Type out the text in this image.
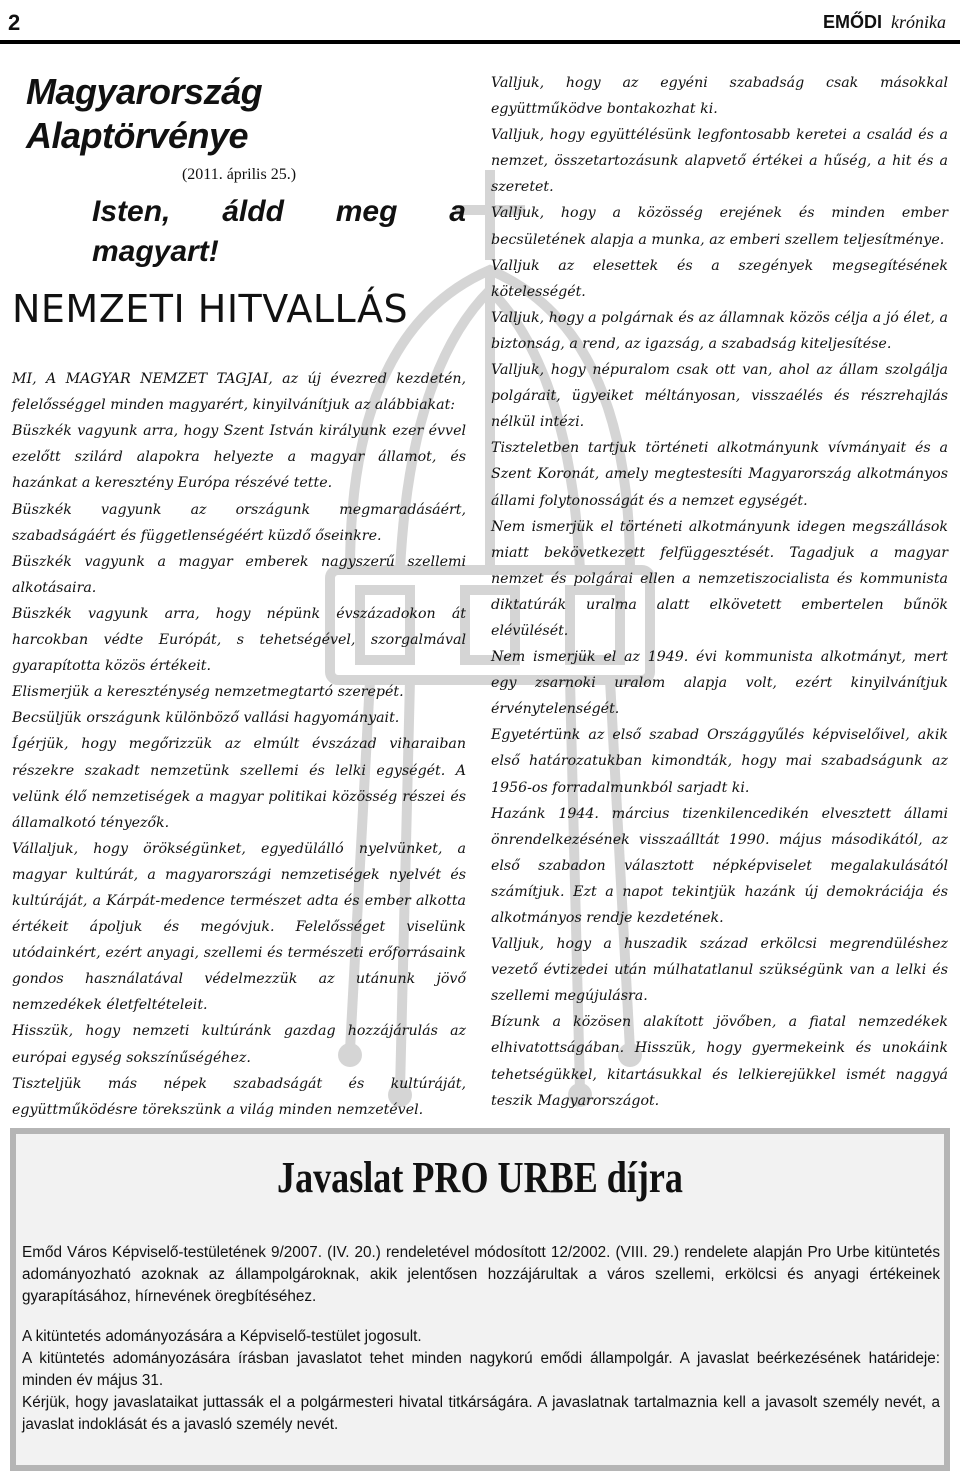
2	EMŐDI krónika
Magyarország Alaptörvénye
(2011. április 25.)
Isten, áldd meg a magyart!
NEMZETI HITVALLÁS

MI, A MAGYAR NEMZET TAGJAI, az új évezred kezdetén, felelősséggel minden magyarért, kinyilvánítjuk az alábbiakat:

Büszkék vagyunk arra, hogy Szent István királyunk ezer évvel ezelőtt szilárd alapokra helyezte a magyar államot, és hazánkat a keresztény Európa részévé tette.

Büszkék vagyunk az országunk megmaradásáért, szabadságáért és függetlenségéért küzdő őseinkre.

Büszkék vagyunk a magyar emberek nagyszerű szellemi alkotásaira.

Büszkék vagyunk arra, hogy népünk évszázadokon át harcokban védte Európát, s tehetségével, szorgalmával gyarapította közös értékeit.

Elismerjük a kereszténység nemzetmegtartó szerepét.

Becsüljük országunk különböző vallási hagyományait.

Ígérjük, hogy megőrizzük az elmúlt évszázad viharaiban részekre szakadt nemzetünk szellemi és lelki egységét. A velünk élő nemzetiségek a magyar politikai közösség részei és államalkotó tényezők.

Vállaljuk, hogy örökségünket, egyedülálló nyelvünket, a magyar kultúrát, a magyarországi nemzetiségek nyelvét és kultúráját, a Kárpát-medence természet adta és ember alkotta értékeit ápoljuk és megóvjuk. Felelősséget viselünk utódainkért, ezért anyagi, szellemi és természeti erőforrásaink gondos használatával védelmezzük az utánunk jövő nemzedékek életfeltételeit.

Hisszük, hogy nemzeti kultúránk gazdag hozzájárulás az európai egység sokszínűségéhez.

Tiszteljük más népek szabadságát és kultúráját, együttműködésre törekszünk a világ minden nemzetével.

Valljuk, hogy az egyéni szabadság csak másokkal együttműködve bontakozhat ki.

Valljuk, hogy együttélésünk legfontosabb keretei a család és a nemzet, összetartozásunk alapvető értékei a hűség, a hit és a szeretet.

Valljuk, hogy a közösség erejének és minden ember becsületének alapja a munka, az emberi szellem teljesítménye.

Valljuk az elesettek és a szegények megsegítésének kötelességét.

Valljuk, hogy a polgárnak és az államnak közös célja a jó élet, a biztonság, a rend, az igazság, a szabadság kiteljesítése.

Valljuk, hogy népuralom csak ott van, ahol az állam szolgálja polgárait, ügyeiket méltányosan, visszaélés és részrehajlás nélkül intézi.

Tiszteletben tartjuk történeti alkotmányunk vívmányait és a Szent Koronát, amely megtestesíti Magyarország alkotmányos állami folytonosságát és a nemzet egységét.

Nem ismerjük el történeti alkotmányunk idegen megszállások miatt bekövetkezett felfüggesztését. Tagadjuk a magyar nemzet és polgárai ellen a nemzetiszocialista és kommunista diktatúrák uralma alatt elkövetett embertelen bűnök elévülését.

Nem ismerjük el az 1949. évi kommunista alkotmányt, mert egy zsarnoki uralom alapja volt, ezért kinyilvánítjuk érvénytelenségét.

Egyetértünk az első szabad Országgyűlés képviselőivel, akik első határozatukban kimondták, hogy mai szabadságunk az 1956-os forradalmunkból sarjadt ki.

Hazánk 1944. március tizenkilencedikén elvesztett állami önrendelkezésének visszaálltát 1990. május másodikától, az első szabadon választott népképviselet megalakulásától számítjuk. Ezt a napot tekintjük hazánk új demokráciája és alkotmányos rendje kezdetének.

Valljuk, hogy a huszadik század erkölcsi megrendüléshez vezető évtizedei után múlhatatlanul szükségünk van a lelki és szellemi megújulásra.

Bízunk a közösen alakított jövőben, a fiatal nemzedékek elhivatottságában. Hisszük, hogy gyermekeink és unokáink tehetségükkel, kitartásukkal és lelkierejükkel ismét naggyá teszik Magyarországot.

Javaslat PRO URBE díjra

Emőd Város Képviselő-testületének 9/2007. (IV. 20.) rendeletével módosított 12/2002. (VIII. 29.) rendelete alapján Pro Urbe kitüntetés adományozható azoknak az állampolgároknak, akik jelentősen hozzájárultak a város szellemi, erkölcsi és anyagi értékeinek gyarapításához, hírnevének öregbítéséhez.

A kitüntetés adományozására a Képviselő-testület jogosult.

A kitüntetés adományozására írásban javaslatot tehet minden nagykorú emődi állampolgár. A javaslat beérkezésének határideje: minden év május 31.

Kérjük, hogy javaslataikat juttassák el a polgármesteri hivatal titkárságára. A javaslatnak tartalmaznia kell a javasolt személy nevét, a javaslat indoklását és a javasló személy nevét.
